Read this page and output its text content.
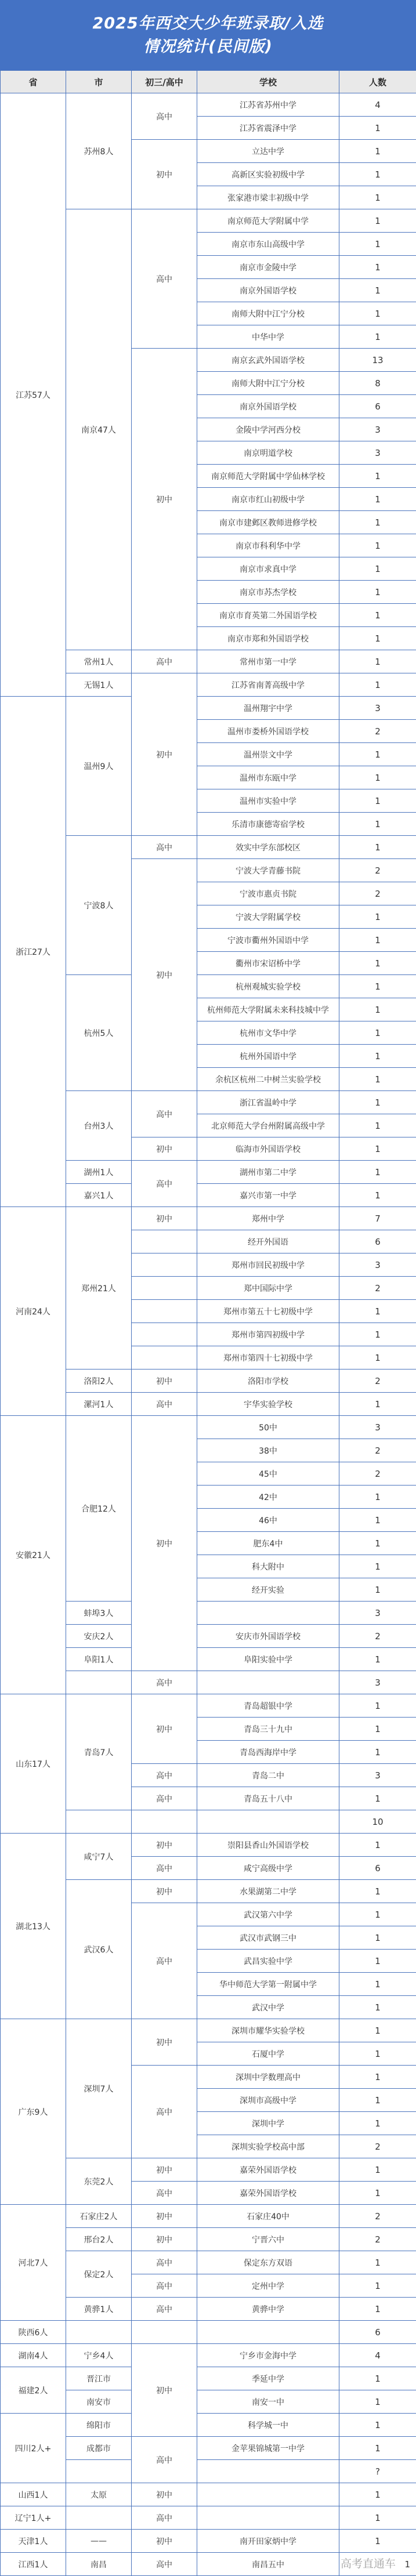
2025年西交大少年班录取/入选
情况统计(民间版)
省	市	初三/高中	学校	人数
江苏57人	苏州8人	高中	江苏省苏州中学	4
			江苏省震泽中学	1
		初中	立达中学	1
			高新区实验初级中学	1
			张家港市梁丰初级中学	1
	南京47人	高中	南京师范大学附属中学	1
			南京市东山高级中学	1
			南京市金陵中学	1
			南京外国语学校	1
			南师大附中江宁分校	1
			中华中学	1
		初中	南京玄武外国语学校	13
			南师大附中江宁分校	8
			南京外国语学校	6
			金陵中学河西分校	3
			南京明道学校	3
			南京师范大学附属中学仙林学校	1
			南京市红山初级中学	1
			南京市建邺区教师进修学校	1
			南京市科利华中学	1
			南京市求真中学	1
			南京市苏杰学校	1
			南京市育英第二外国语学校	1
			南京市郑和外国语学校	1
	常州1人	高中	常州市第一中学	1
	无锡1人	初中	江苏省南菁高级中学	1
浙江27人	温州9人		温州翔宇中学	3
			温州市娄桥外国语学校	2
			温州崇文中学	1
			温州市东瓯中学	1
			温州市实验中学	1
			乐清市康德寄宿学校	1
	宁波8人	高中	效实中学东部校区	1
		初中	宁波大学青藤书院	2
			宁波市惠贞书院	2
			宁波大学附属学校	1
			宁波市衢州外国语中学	1
			衢州市宋诏桥中学	1
	杭州5人		杭州观城实验学校	1
			杭州师范大学附属未来科技城中学	1
			杭州市文华中学	1
			杭州外国语中学	1
			余杭区杭州二中树兰实验学校	1
	台州3人	高中	浙江省温岭中学	1
			北京师范大学台州附属高级中学	1
		初中	临海市外国语学校	1
	湖州1人	高中	湖州市第二中学	1
	嘉兴1人		嘉兴市第一中学	1
河南24人	郑州21人	初中	郑州中学	7
			经开外国语	6
			郑州市回民初级中学	3
			郑中国际中学	2
			郑州市第五十七初级中学	1
			郑州市第四初级中学	1
			郑州市第四十七初级中学	1
	洛阳2人	初中	洛阳市学校	2
	漯河1人	高中	宇华实验学校	1
安徽21人	合肥12人	初中	50中	3
			38中	2
			45中	2
			42中	1
			46中	1
			肥东4中	1
			科大附中	1
			经开实验	1
	蚌埠3人			3
	安庆2人		安庆市外国语学校	2
	阜阳1人		阜阳实验中学	1
		高中		3
山东17人	青岛7人	初中	青岛超银中学	1
			青岛三十九中	1
			青岛西海岸中学	1
		高中	青岛二中	3
		高中	青岛五十八中	1
				10
湖北13人	咸宁7人	初中	崇阳县香山外国语学校	1
		高中	咸宁高级中学	6
	武汉6人	初中	水果湖第二中学	1
		高中	武汉第六中学	1
			武汉市武钢三中	1
			武昌实验中学	1
			华中师范大学第一附属中学	1
			武汉中学	1
广东9人	深圳7人	初中	深圳市耀华实验学校	1
			石厦中学	1
		高中	深圳中学数理高中	1
			深圳市高级中学	1
			深圳中学	1
			深圳实验学校高中部	2
	东莞2人	初中	嘉荣外国语学校	1
		高中	嘉荣外国语学校	1
河北7人	石家庄2人	初中	石家庄40中	2
	邢台2人	初中	宁晋六中	2
	保定2人	高中	保定东方双语	1
		高中	定州中学	1
	黄骅1人	高中	黄骅中学	1
陕西6人				6
湖南4人	宁乡4人	初中	宁乡市金海中学	4
福建2人	晋江市		季延中学	1
	南安市		南安一中	1
四川2人+	绵阳市		科学城一中	1
	成都市	高中	金苹果锦城第一中学	1
				?
山西1人	太原	初中		1
辽宁1人+		高中		1
天津1人	——	初中	南开田家炳中学	1
江西1人	南昌	高中	南昌五中	1
高考直通车
